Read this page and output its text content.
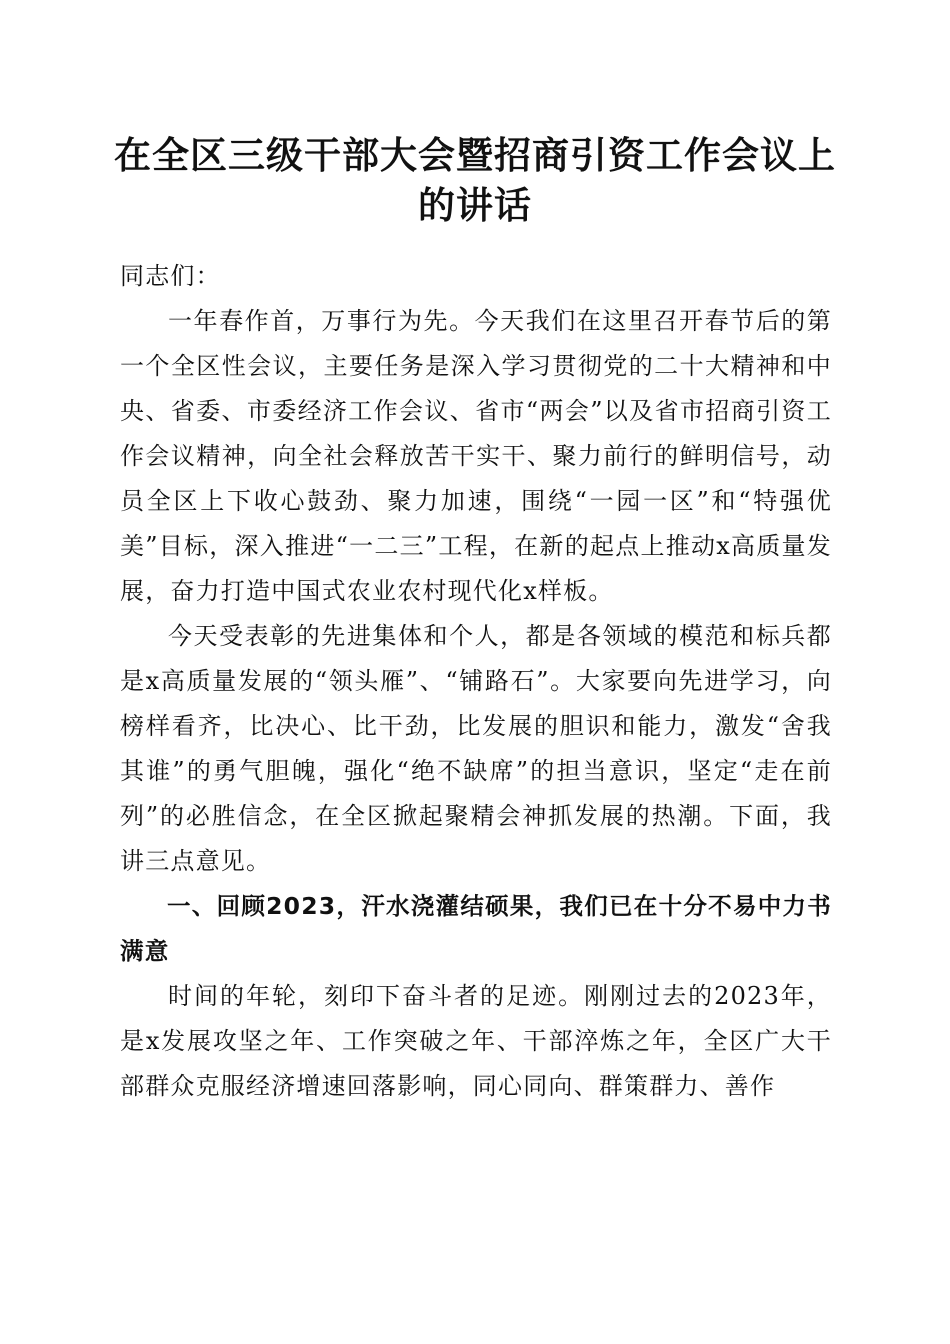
在全区三级干部大会暨招商引资工作会议上的讲话

同志们：

一年春作首，万事行为先。今天我们在这里召开春节后的第一个全区性会议，主要任务是深入学习贯彻党的二十大精神和中央、省委、市委经济工作会议、省市“两会”以及省市招商引资工作会议精神，向全社会释放苦干实干、聚力前行的鲜明信号，动员全区上下收心鼓劲、聚力加速，围绕“一园一区”和“特强优美”目标，深入推进“一二三”工程，在新的起点上推动x高质量发展，奋力打造中国式农业农村现代化x样板。

今天受表彰的先进集体和个人，都是各领域的模范和标兵都是x高质量发展的“领头雁”、“铺路石”。大家要向先进学习，向榜样看齐，比决心、比干劲，比发展的胆识和能力，激发“舍我其谁”的勇气胆魄，强化“绝不缺席”的担当意识，坚定“走在前列”的必胜信念，在全区掀起聚精会神抓发展的热潮。下面，我讲三点意见。

一、回顾2023，汗水浇灌结硕果，我们已在十分不易中力书满意

时间的年轮，刻印下奋斗者的足迹。刚刚过去的2023年，是x发展攻坚之年、工作突破之年、干部淬炼之年，全区广大干部群众克服经济增速回落影响，同心同向、群策群力、善作
